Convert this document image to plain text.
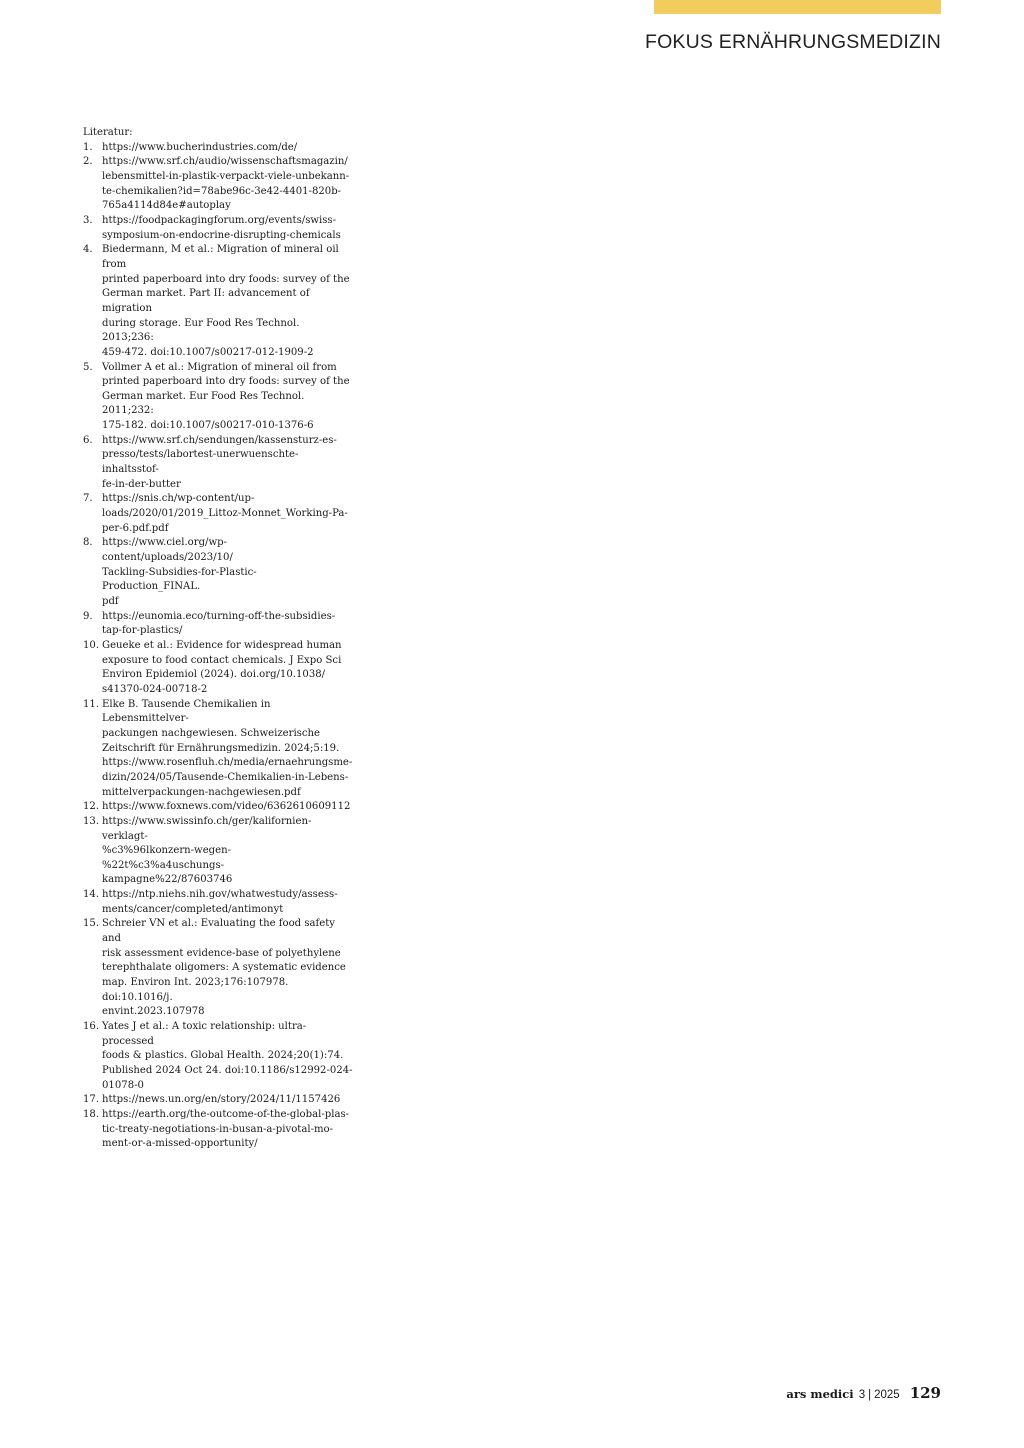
FOKUS ERNÄHRUNGSMEDIZIN

Literatur:

1. https://www.bucherindustries.com/de/
2. https://www.srf.ch/audio/wissenschaftsmagazin/
lebensmittel-in-plastik-verpackt-viele-unbekann-
te-chemikalien?id=78abe96c-3e42-4401-820b-
765a4114d84e#autoplay
3. https://foodpackagingforum.org/events/swiss-
symposium-on-endocrine-disrupting-chemicals
4. Biedermann, M et al.: Migration of mineral oil from
printed paperboard into dry foods: survey of the
German market. Part II: advancement of migration
during storage. Eur Food Res Technol. 2013;236:
459-472. doi:10.1007/s00217-012-1909-2
5. Vollmer A et al.: Migration of mineral oil from
printed paperboard into dry foods: survey of the
German market. Eur Food Res Technol. 2011;232:
175-182. doi:10.1007/s00217-010-1376-6
6. https://www.srf.ch/sendungen/kassensturz-es-
presso/tests/labortest-unerwuenschte-inhaltsstof-
fe-in-der-butter
7. https://snis.ch/wp-content/up-
loads/2020/01/2019_Littoz-Monnet_Working-Pa-
per-6.pdf.pdf
8. https://www.ciel.org/wp-content/uploads/2023/10/
Tackling-Subsidies-for-Plastic-Production_FINAL.
pdf
9. https://eunomia.eco/turning-off-the-subsidies-
tap-for-plastics/
10. Geueke et al.: Evidence for widespread human
exposure to food contact chemicals. J Expo Sci
Environ Epidemiol (2024). doi.org/10.1038/
s41370-024-00718-2
11. Elke B. Tausende Chemikalien in Lebensmittelver-
packungen nachgewiesen. Schweizerische
Zeitschrift für Ernährungsmedizin. 2024;5:19.
https://www.rosenfluh.ch/media/ernaehrungsme-
dizin/2024/05/Tausende-Chemikalien-in-Lebens-
mittelverpackungen-nachgewiesen.pdf
12. https://www.foxnews.com/video/6362610609112
13. https://www.swissinfo.ch/ger/kalifornien-verklagt-
%c3%96lkonzern-wegen-%22t%c3%a4uschungs-
kampagne%22/87603746
14. https://ntp.niehs.nih.gov/whatwestudy/assess-
ments/cancer/completed/antimonyt
15. Schreier VN et al.: Evaluating the food safety and
risk assessment evidence-base of polyethylene
terephthalate oligomers: A systematic evidence
map. Environ Int. 2023;176:107978. doi:10.1016/j.
envint.2023.107978
16. Yates J et al.: A toxic relationship: ultra-processed
foods & plastics. Global Health. 2024;20(1):74.
Published 2024 Oct 24. doi:10.1186/s12992-024-
01078-0
17. https://news.un.org/en/story/2024/11/1157426
18. https://earth.org/the-outcome-of-the-global-plas-
tic-treaty-negotiations-in-busan-a-pivotal-mo-
ment-or-a-missed-opportunity/
ars medici 3 | 2025 129
